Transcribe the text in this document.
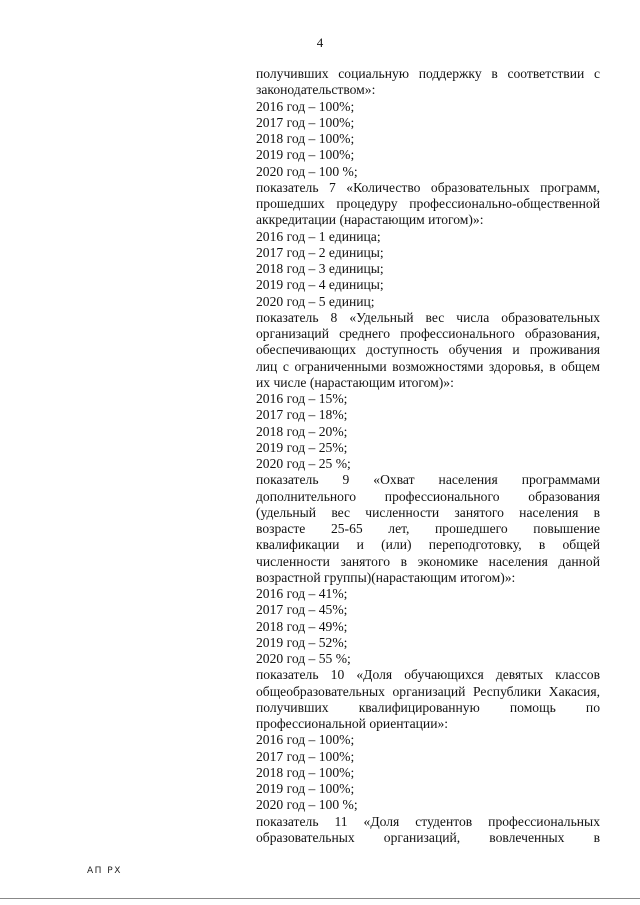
4
получивших социальную поддержку в соответствии с
законодательством»:
2016 год – 100%;
2017 год – 100%;
2018 год – 100%;
2019 год – 100%;
2020 год – 100 %;
показатель 7 «Количество образовательных программ,
прошедших процедуру профессионально-общественной
аккредитации (нарастающим итогом)»:
2016 год – 1 единица;
2017 год – 2 единицы;
2018 год – 3 единицы;
2019 год – 4 единицы;
2020 год – 5 единиц;
показатель 8 «Удельный вес числа образовательных
организаций среднего профессионального образования,
обеспечивающих доступность обучения и проживания
лиц с ограниченными возможностями здоровья, в общем
их числе (нарастающим итогом)»:
2016 год – 15%;
2017 год – 18%;
2018 год – 20%;
2019 год – 25%;
2020 год – 25 %;
показатель 9 «Охват населения программами
дополнительного профессионального образования
(удельный вес численности занятого населения в
возрасте 25-65 лет, прошедшего повышение
квалификации и (или) переподготовку, в общей
численности занятого в экономике населения данной
возрастной группы)(нарастающим итогом)»:
2016 год – 41%;
2017 год – 45%;
2018 год – 49%;
2019 год – 52%;
2020 год – 55 %;
показатель 10 «Доля обучающихся девятых классов
общеобразовательных организаций Республики Хакасия,
получивших квалифицированную помощь по
профессиональной ориентации»:
2016 год – 100%;
2017 год – 100%;
2018 год – 100%;
2019 год – 100%;
2020 год – 100 %;
показатель 11 «Доля студентов профессиональных
образовательных организаций, вовлеченных в
АП РХ
